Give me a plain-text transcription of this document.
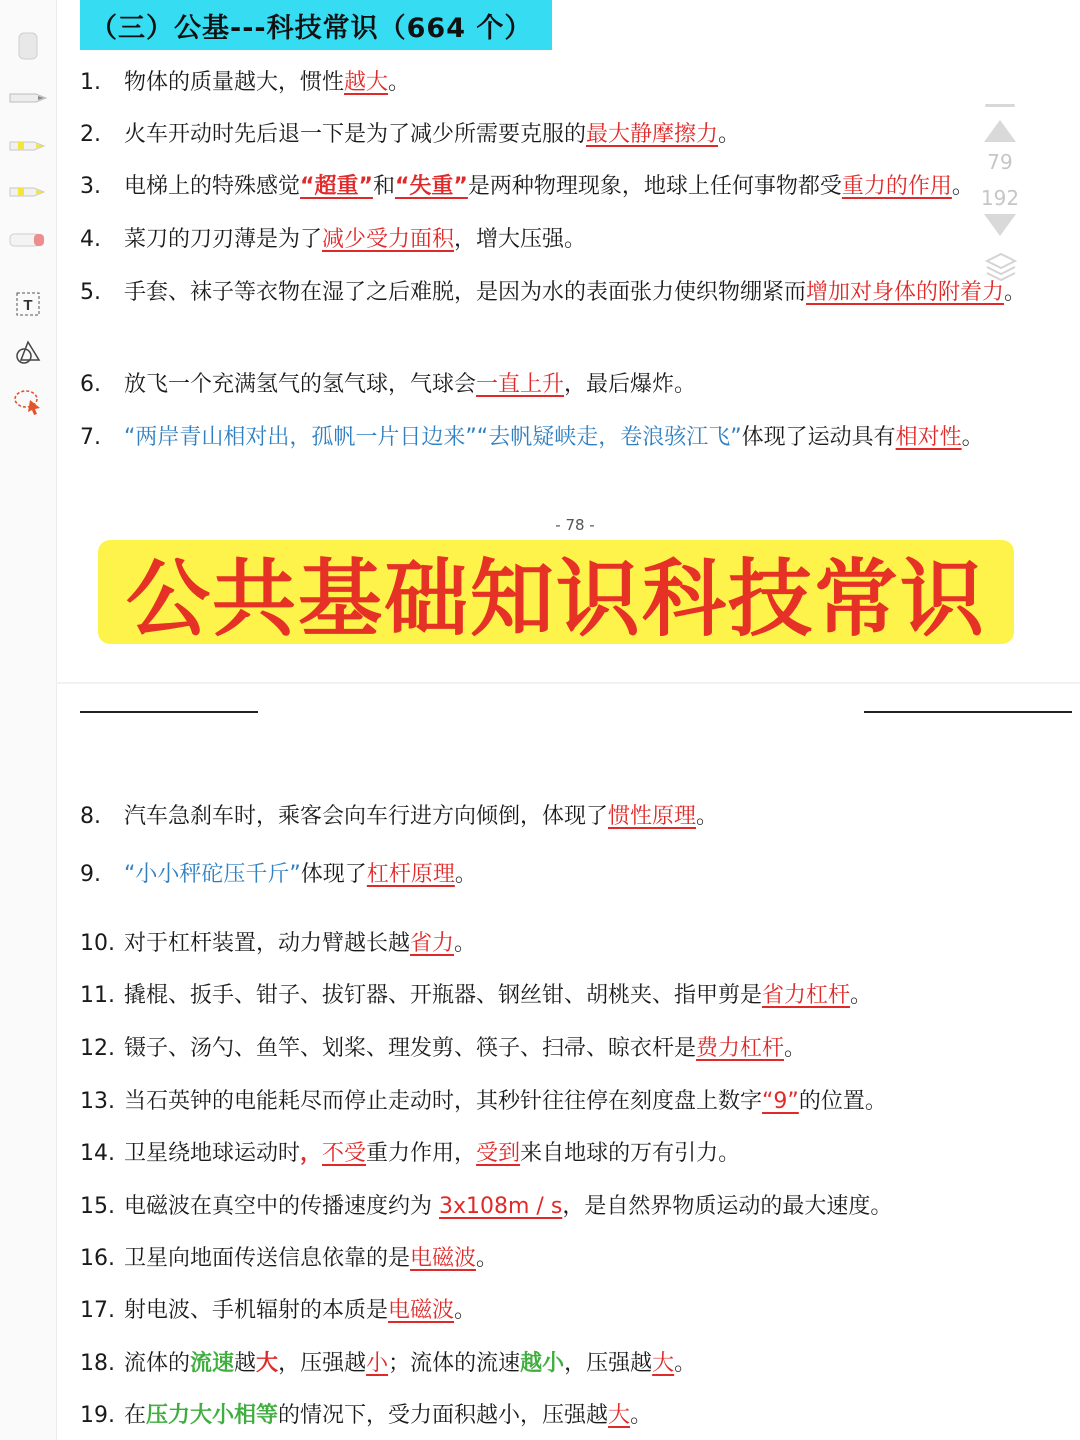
T
79
192
（三）公基---科技常识（664 个）
1. 物体的质量越大，惯性越大。
2. 火车开动时先后退一下是为了减少所需要克服的最大静摩擦力。
3. 电梯上的特殊感觉“超重”和“失重”是两种物理现象，地球上任何事物都受重力的作用。
4. 菜刀的刀刃薄是为了减少受力面积，增大压强。
5. 手套、袜子等衣物在湿了之后难脱，是因为水的表面张力使织物绷紧而增加对身体的附着力。
6. 放飞一个充满氢气的氢气球，气球会一直上升，最后爆炸。
7. “两岸青山相对出，孤帆一片日边来”“去帆疑峡走，卷浪骇江飞”体现了运动具有相对性。
- 78 -
公共基础知识科技常识
8. 汽车急刹车时，乘客会向车行进方向倾倒，体现了惯性原理。
9. “小小秤砣压千斤”体现了杠杆原理。
10. 对于杠杆装置，动力臂越长越省力。
11. 撬棍、扳手、钳子、拔钉器、开瓶器、钢丝钳、胡桃夹、指甲剪是省力杠杆。
12. 镊子、汤勺、鱼竿、划桨、理发剪、筷子、扫帚、晾衣杆是费力杠杆。
13. 当石英钟的电能耗尽而停止走动时，其秒针往往停在刻度盘上数字“9”的位置。
14. 卫星绕地球运动时，不受重力作用，受到来自地球的万有引力。
15. 电磁波在真空中的传播速度约为 3x108m / s，是自然界物质运动的最大速度。
16. 卫星向地面传送信息依靠的是电磁波。
17. 射电波、手机辐射的本质是电磁波。
18. 流体的流速越大，压强越小；流体的流速越小，压强越大。
19. 在压力大小相等的情况下，受力面积越小，压强越大。
